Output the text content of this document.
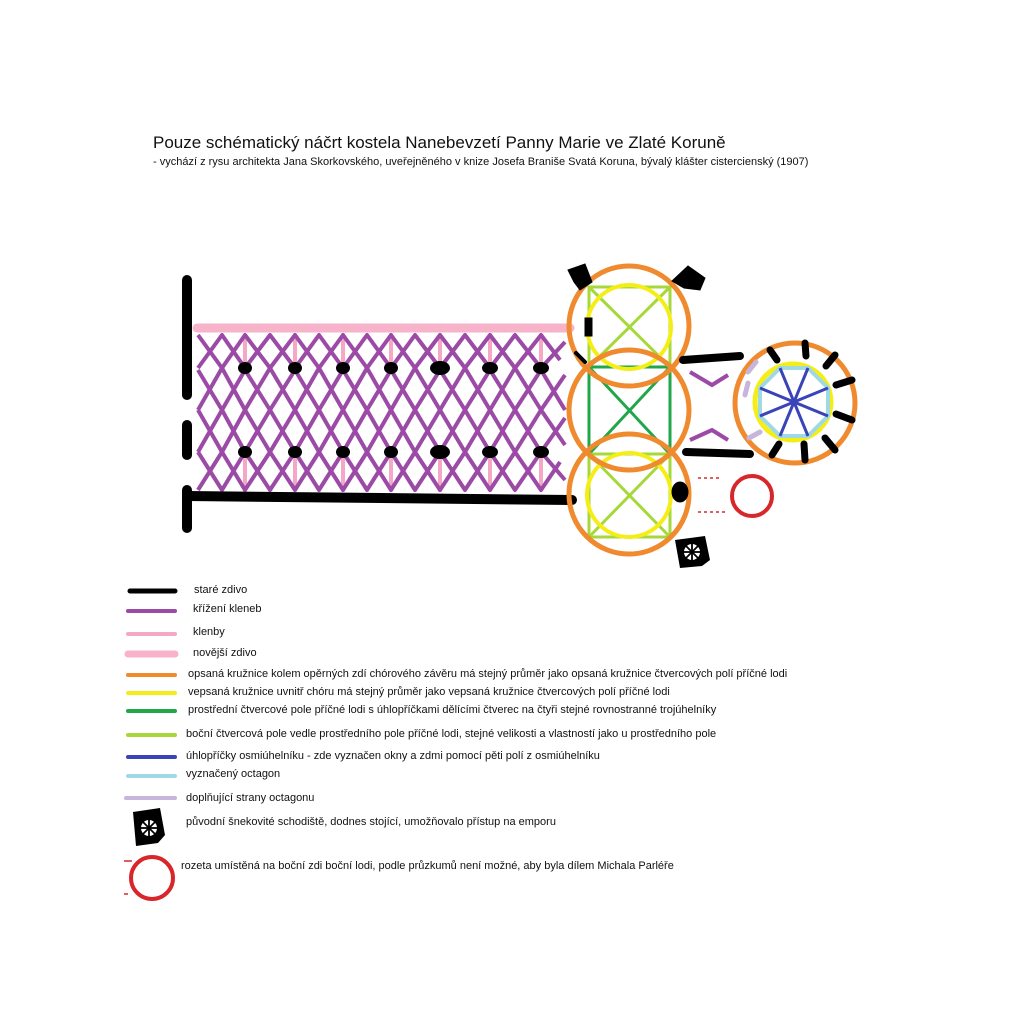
Pouze schématický náčrt kostela Nanebevzetí Panny Marie ve Zlaté Koruně
- vychází z rysu architekta Jana Skorkovského, uveřejněného v knize Josefa Braniše Svatá Koruna, bývalý klášter cistercienský (1907)
staré zdivo
křížení kleneb
klenby
novější zdivo
opsaná kružnice kolem opěrných zdí chórového závěru má stejný průměr jako opsaná kružnice čtvercových polí příčné lodi
vepsaná kružnice uvnitř chóru má stejný průměr jako vepsaná kružnice čtvercových polí příčné lodi
prostřední čtvercové pole příčné lodi s úhlopříčkami dělícími čtverec na čtyři stejné rovnostranné trojúhelníky
boční čtvercová pole vedle prostředního pole příčné lodi, stejné velikosti a vlastností jako u prostředního pole
úhlopříčky osmiúhelníku - zde vyznačen okny a zdmi pomocí pěti polí z osmiúhelníku
vyznačený octagon
doplňující strany octagonu
původní šnekovité schodiště, dodnes stojící, umožňovalo přístup na emporu
rozeta umístěná na boční zdi boční lodi, podle průzkumů není možné, aby byla dílem Michala Parléře
